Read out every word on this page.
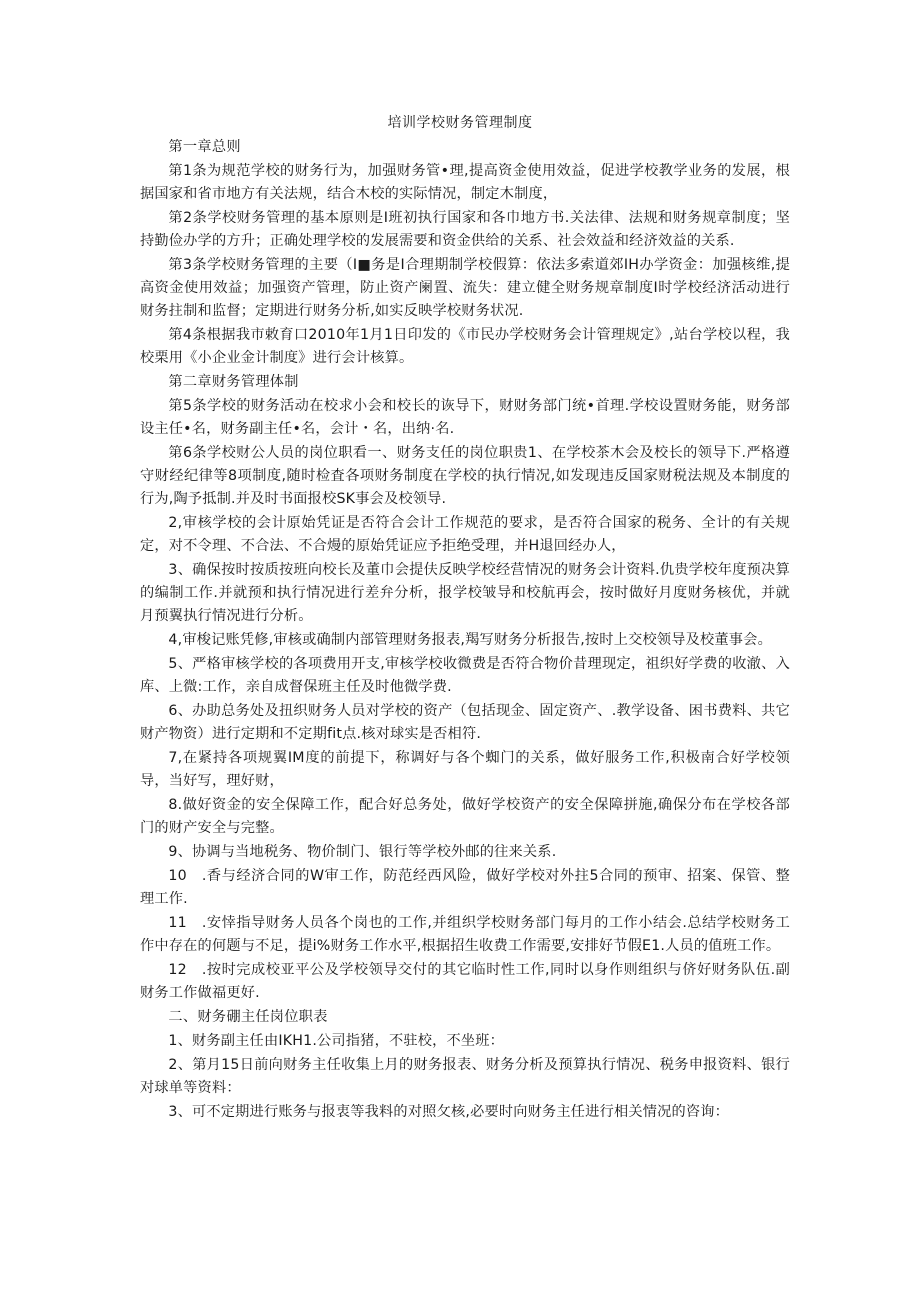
培训学校财务管理制度
第一章总则
第1条为规范学校的财务行为，加强财务管•理,提高资金使用效益，促进学校教学业务的发展，根据国家和省市地方有关法规，结合木校的实际情况，制定木制度，
第2条学校财务管理的基本原则是I班初执行国家和各巾地方书.关法律、法规和财务规章制度；坚持勤俭办学的方升；正确处理学校的发展需要和资金供给的关系、社会效益和经济效益的关系.
第3条学校财务管理的主要（I■务是I合理期制学校假算：依法多索道郊IH办学资金：加强核维,提高资金使用效益；加强资产管理，防止资产阑置、流失：建立健全财务规章制度I时学校经济活动进行财务拄制和监督；定期进行财务分析,如实反映学校财务状况.
第4条根据我市敕育口2010年1月1日印发的《市民办学校财务会计管理规定》,站台学校以程，我校栗用《小企业金计制度》进行会计核算。
第二章财务管理体制
第5条学校的财务活动在校求小会和校长的诙导下，财财务部门统•首理.学校设置财务能，财务部设主任•名，财务副主任•名，会计・名，出纳·名.
第6条学校财公人员的岗位职看一、财务支任的岗位职贵1、在学校茶木会及校长的领导下.严格遵守财经纪律等8项制度,随时检査各项财务制度在学校的执行情况,如发现违反国家财税法规及本制度的行为,陶予抵制.并及时书面报校SK事会及校领导.
2,审核学校的会计原始凭证是否符合会计工作规范的要求，是否符合国家的税务、全计的有关规定，对不令理、不合法、不合熳的原始凭证应予拒绝受理，并H退回经办人，
3、确保按时按质按班向校长及董巾会提伕反映学校经营情况的财务会计资料.仇贵学校年度预决算的编制工作.并就预和执行情况进行差弁分析，报学校皱导和校航再会，按时做好月度财务核优，并就月预翼执行情况进行分析。
4,审梭记账凭修,审核或确制内部管理财务报表,羯写财务分析报告,按时上交校领导及校董事会。
5、严格审核学校的各项费用开支,审核学校收微费是否符合物价昔理现定，祖织好学费的收澈、入库、上微:工作，亲自成督保班主任及时他微学费.
6、办助总务处及扭织财务人员对学校的资产（包括现金、固定资产、.教学设备、困书费料、共它财产物资）进行定期和不定期fit点.核对球实是否相符.
7,在紧持各项规翼IM度的前提下，称调好与各个蜘门的关系，做好服务工作,积极南合好学校领导，当好写，理好财，
8.做好资金的安全保障工作，配合好总务处，做好学校资产的安全保障拼施,确保分布在学校各部门的财产安全与完整。
9、协调与当地税务、物价制门、银行等学校外邮的往来关系.
10　.香与经济合同的W审工作，防范经西风险，做好学校对外拄5合同的预审、招案、保管、整理工作.
11　.安悻指导财务人员各个岗也的工作,并组织学校财务部门每月的工作小结会.总结学校财务工作中存在的何题与不足，提i%财务工作水平,根据招生收费工作需要,安排好节假E1.人员的值班工作。
12　.按时完成校亚平公及学校领导交付的其它临时性工作,同时以身作则组织与侪好财务队伍.副财务工作做福更好.
二、财务硼主任岗位职表
1、财务副主任由IKH1.公司指猪，不驻校，不坐班：
2、第月15日前向财务主任收集上月的财务报表、财务分析及预算执行情况、税务申报资料、银行对球单等资料：
3、可不定期进行账务与报衷等我料的对照攵核,必要时向财务主任进行相关情况的咨询：
